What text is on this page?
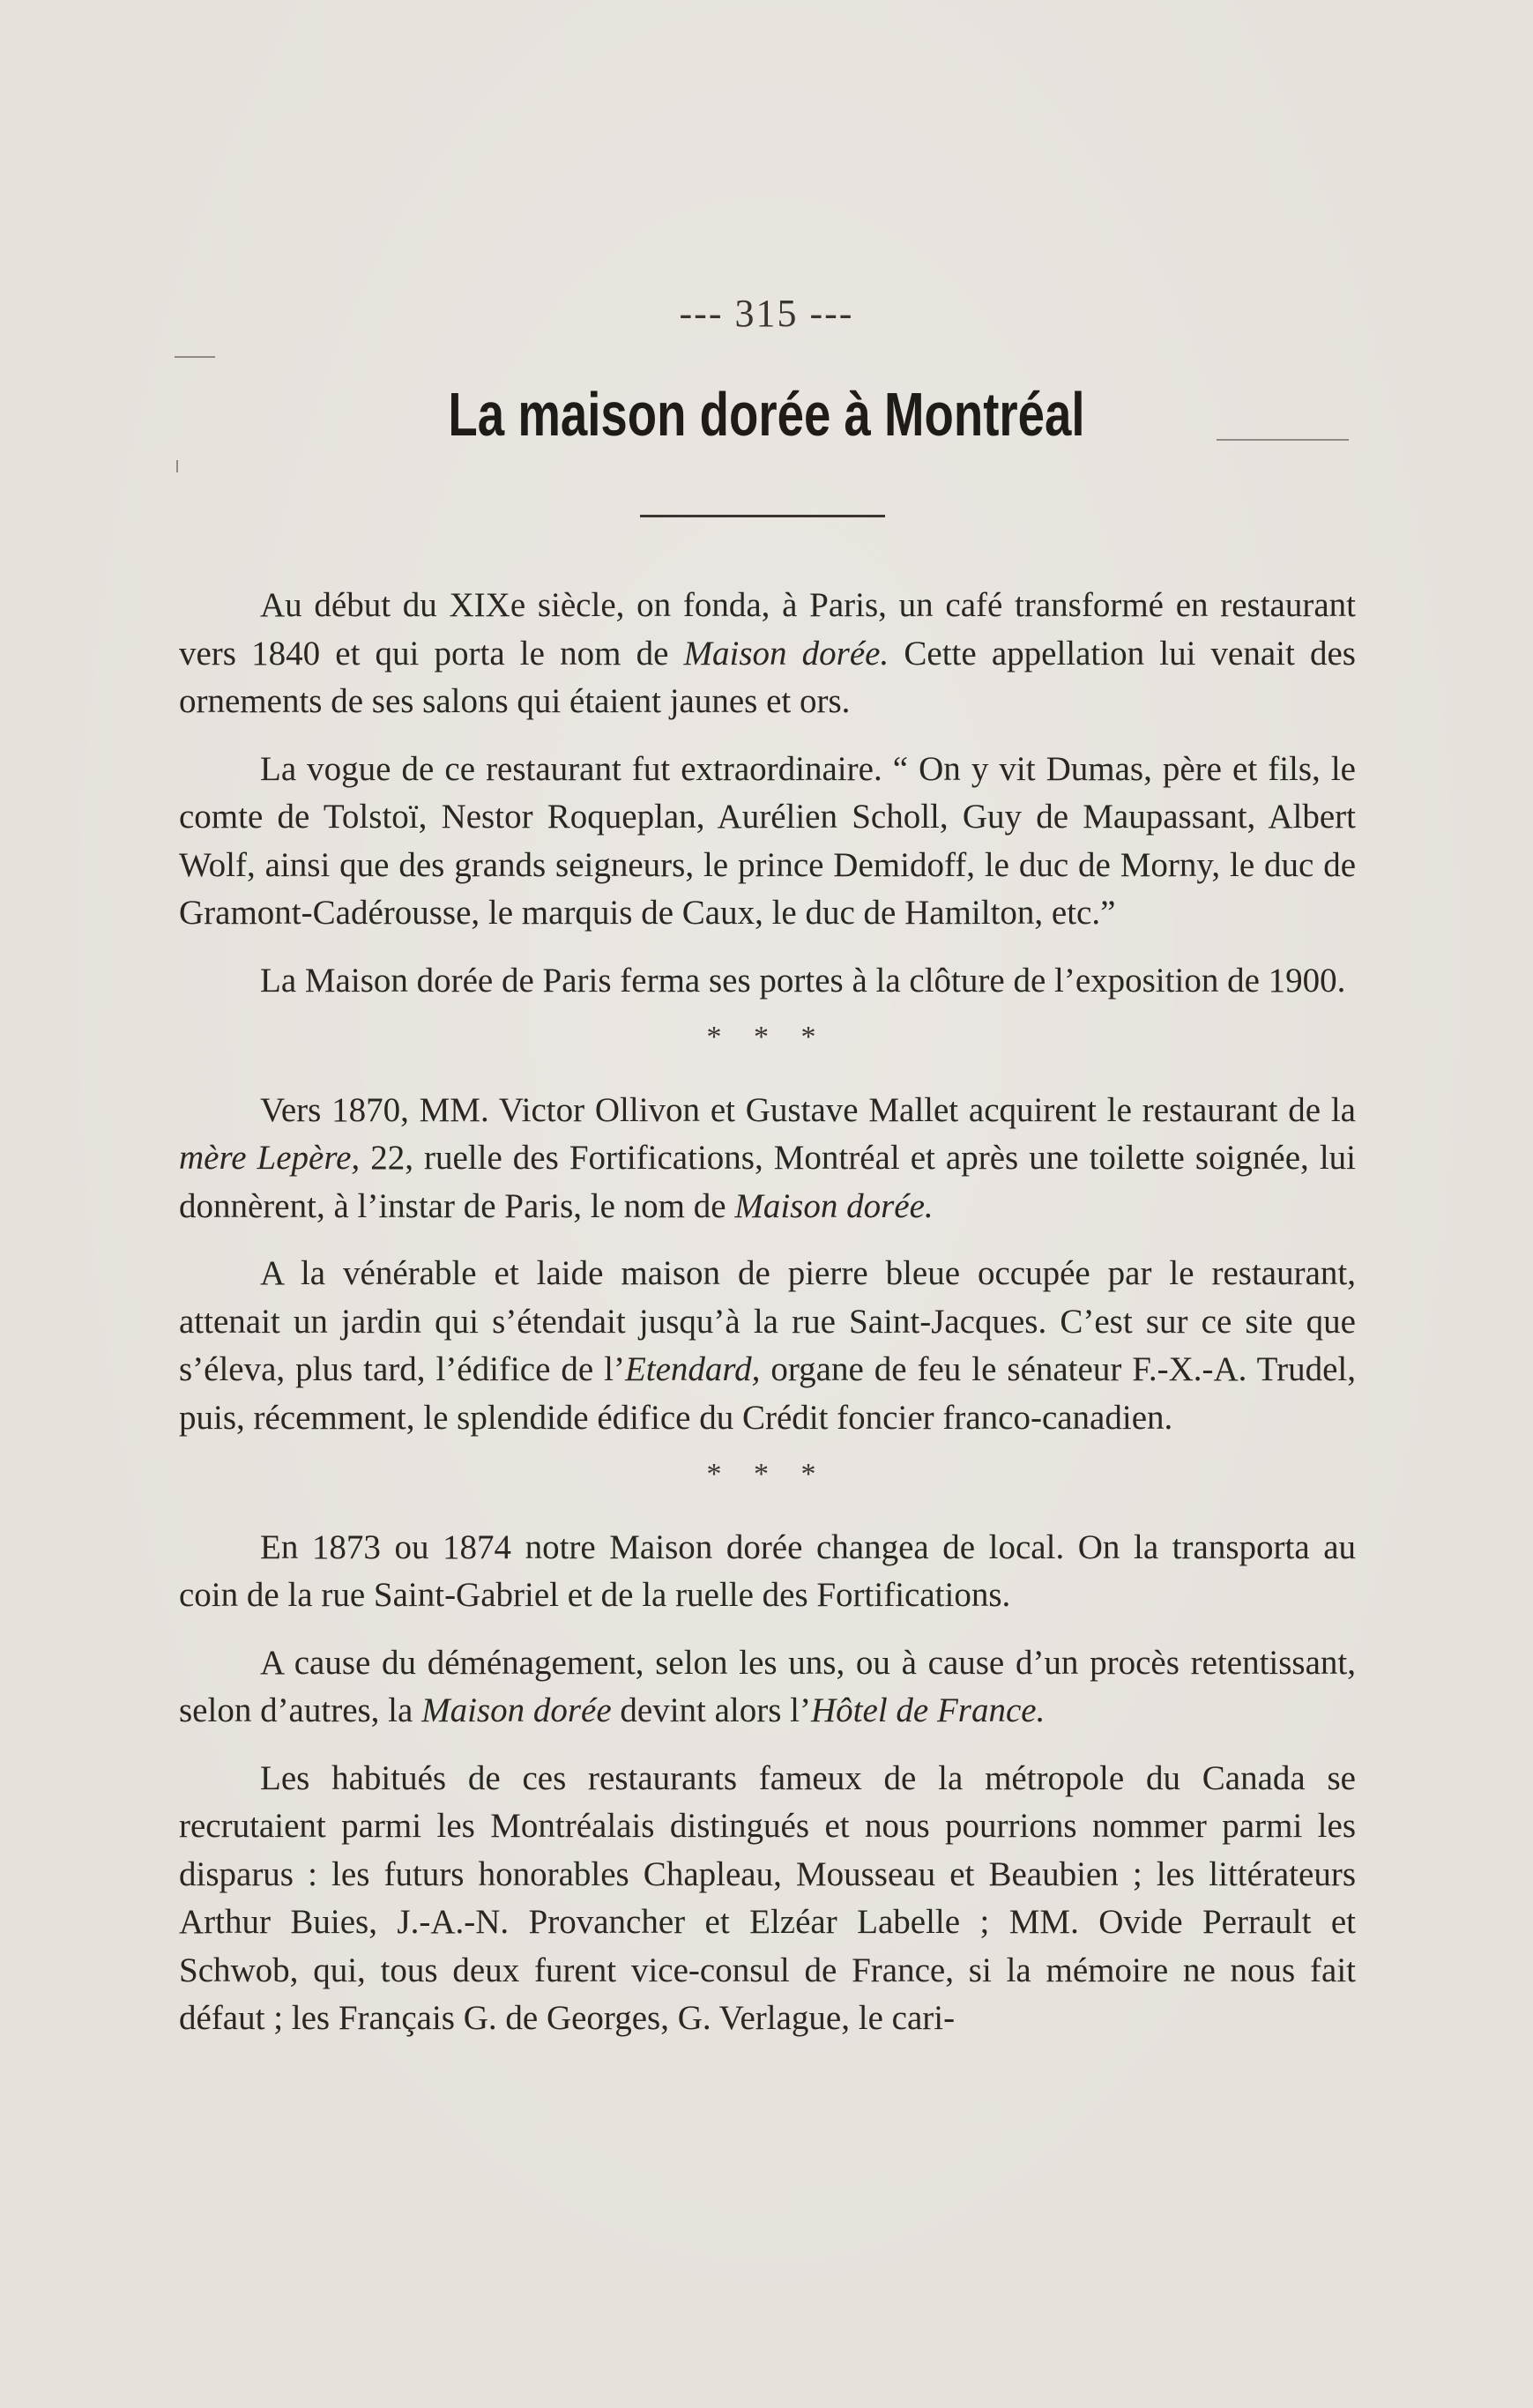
--- 315 ---
La maison dorée à Montréal

Au début du XIXe siècle, on fonda, à Paris, un café transformé en restaurant vers 1840 et qui porta le nom de Maison dorée. Cette appellation lui venait des ornements de ses salons qui étaient jaunes et ors.

La vogue de ce restaurant fut extraordinaire. “ On y vit Dumas, père et fils, le comte de Tolstoï, Nestor Roqueplan, Aurélien Scholl, Guy de Maupassant, Albert Wolf, ainsi que des grands seigneurs, le prince Demidoff, le duc de Morny, le duc de Gramont-Cadérousse, le marquis de Caux, le duc de Hamilton, etc.”

La Maison dorée de Paris ferma ses portes à la clôture de l’exposition de 1900.

* * *

Vers 1870, MM. Victor Ollivon et Gustave Mallet acquirent le restaurant de la mère Lepère, 22, ruelle des Fortifications, Montréal et après une toilette soignée, lui donnèrent, à l’instar de Paris, le nom de Maison dorée.

A la vénérable et laide maison de pierre bleue occupée par le restaurant, attenait un jardin qui s’étendait jusqu’à la rue Saint-Jacques. C’est sur ce site que s’éleva, plus tard, l’édifice de l’Etendard, organe de feu le sénateur F.-X.-A. Trudel, puis, récemment, le splendide édifice du Crédit foncier franco-canadien.

* * *

En 1873 ou 1874 notre Maison dorée changea de local. On la transporta au coin de la rue Saint-Gabriel et de la ruelle des Fortifications.

A cause du déménagement, selon les uns, ou à cause d’un procès retentissant, selon d’autres, la Maison dorée devint alors l’Hôtel de France.

Les habitués de ces restaurants fameux de la métropole du Canada se recrutaient parmi les Montréalais distingués et nous pourrions nommer parmi les disparus : les futurs honorables Chapleau, Mousseau et Beaubien ; les littérateurs Arthur Buies, J.-A.-N. Provancher et Elzéar Labelle ; MM. Ovide Perrault et Schwob, qui, tous deux furent vice-consul de France, si la mémoire ne nous fait défaut ; les Français G. de Georges, G. Verlague, le cari-
